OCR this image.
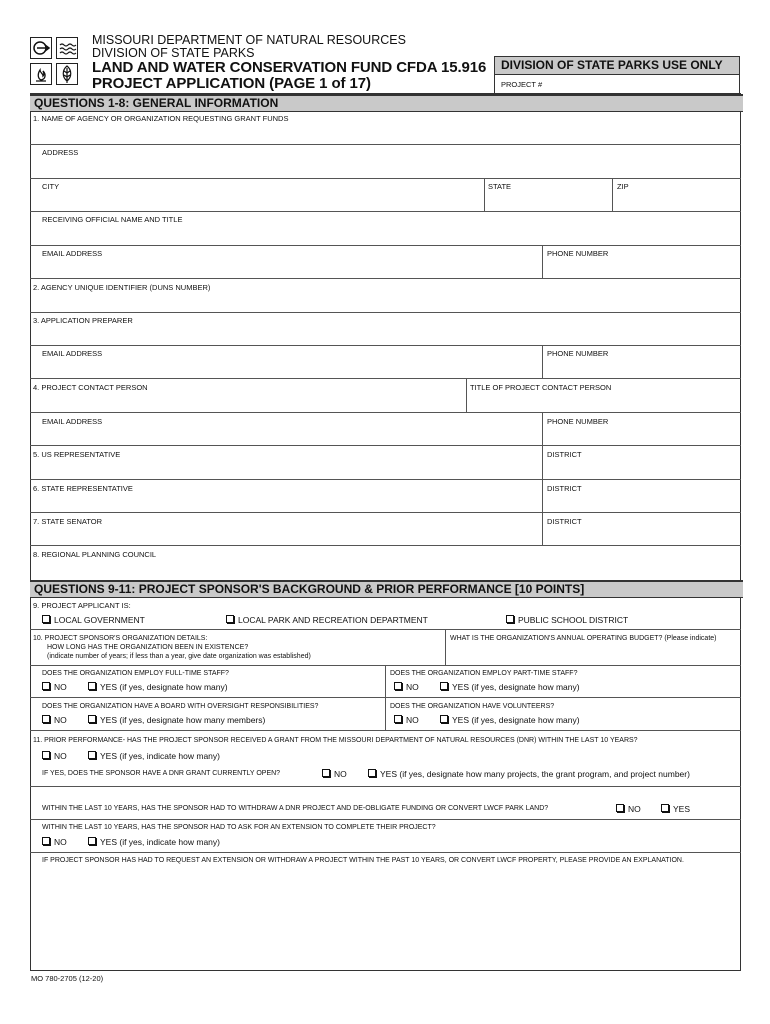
MISSOURI DEPARTMENT OF NATURAL RESOURCES
DIVISION OF STATE PARKS
LAND AND WATER CONSERVATION FUND CFDA 15.916
PROJECT APPLICATION (PAGE 1 of 17)
DIVISION OF STATE PARKS USE ONLY
PROJECT #
QUESTIONS 1-8: GENERAL INFORMATION
1. NAME OF AGENCY OR ORGANIZATION REQUESTING GRANT FUNDS
ADDRESS
CITY	STATE	ZIP
RECEIVING OFFICIAL NAME AND TITLE
EMAIL ADDRESS	PHONE NUMBER
2. AGENCY UNIQUE IDENTIFIER (DUNS NUMBER)
3. APPLICATION PREPARER
EMAIL ADDRESS	PHONE NUMBER
4. PROJECT CONTACT PERSON	TITLE OF PROJECT CONTACT PERSON
EMAIL ADDRESS	PHONE NUMBER
5. US REPRESENTATIVE	DISTRICT
6. STATE REPRESENTATIVE	DISTRICT
7. STATE SENATOR	DISTRICT
8. REGIONAL PLANNING COUNCIL
QUESTIONS 9-11: PROJECT SPONSOR'S BACKGROUND & PRIOR PERFORMANCE [10 POINTS]
9. PROJECT APPLICANT IS:
LOCAL GOVERNMENT	LOCAL PARK AND RECREATION DEPARTMENT	PUBLIC SCHOOL DISTRICT
10. PROJECT SPONSOR'S ORGANIZATION DETAILS:
HOW LONG HAS THE ORGANIZATION BEEN IN EXISTENCE?
(indicate number of years; if less than a year, give date organization was established)
WHAT IS THE ORGANIZATION'S ANNUAL OPERATING BUDGET? (Please indicate)
DOES THE ORGANIZATION EMPLOY FULL-TIME STAFF?
NO	YES (if yes, designate how many)
DOES THE ORGANIZATION EMPLOY PART-TIME STAFF?
NO	YES (if yes, designate how many)
DOES THE ORGANIZATION HAVE A BOARD WITH OVERSIGHT RESPONSIBILITIES?
NO	YES (if yes, designate how many members)
DOES THE ORGANIZATION HAVE VOLUNTEERS?
NO	YES (if yes, designate how many)
11. PRIOR PERFORMANCE- HAS THE PROJECT SPONSOR RECEIVED A GRANT FROM THE MISSOURI DEPARTMENT OF NATURAL RESOURCES (DNR) WITHIN THE LAST 10 YEARS?
NO	YES (if yes, indicate how many)
IF YES, DOES THE SPONSOR HAVE A DNR GRANT CURRENTLY OPEN?	NO	YES (if yes, designate how many projects, the grant program, and project number)
WITHIN THE LAST 10 YEARS, HAS THE SPONSOR HAD TO WITHDRAW A DNR PROJECT AND DE-OBLIGATE FUNDING OR CONVERT LWCF PARK LAND?	NO	YES
WITHIN THE LAST 10 YEARS, HAS THE SPONSOR HAD TO ASK FOR AN EXTENSION TO COMPLETE THEIR PROJECT?
NO	YES (if yes, indicate how many)
IF PROJECT SPONSOR HAS HAD TO REQUEST AN EXTENSION OR WITHDRAW A PROJECT WITHIN THE PAST 10 YEARS, OR CONVERT LWCF PROPERTY, PLEASE PROVIDE AN EXPLANATION.
MO 780-2705 (12-20)
